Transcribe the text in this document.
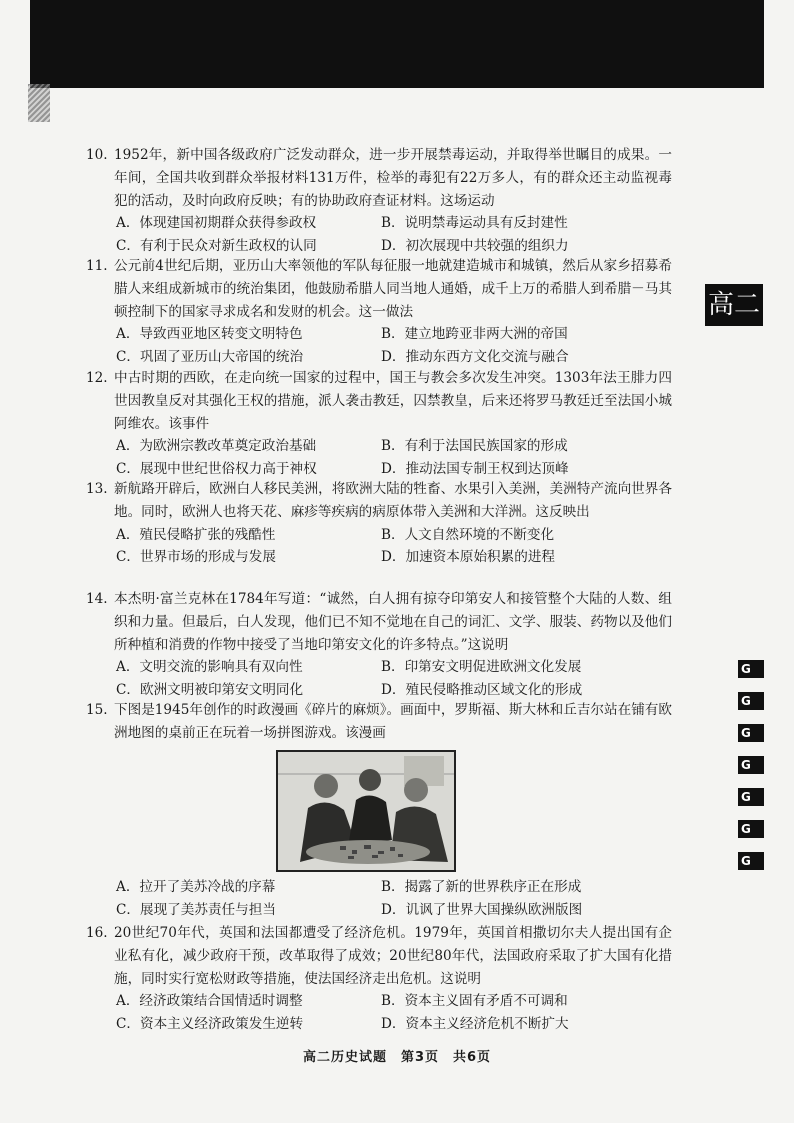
高二
G
G
G
G
G
G
G
10. 1952年，新中国各级政府广泛发动群众，进一步开展禁毒运动，并取得举世瞩目的成果。一年间，全国共收到群众举报材料131万件，检举的毒犯有22万多人，有的群众还主动监视毒犯的活动，及时向政府反映；有的协助政府查证材料。这场运动

A．体现建国初期群众获得参政权	B．说明禁毒运动具有反封建性
C．有利于民众对新生政权的认同	D．初次展现中共较强的组织力
11. 公元前4世纪后期，亚历山大率领他的军队每征服一地就建造城市和城镇，然后从家乡招募希腊人来组成新城市的统治集团，他鼓励希腊人同当地人通婚，成千上万的希腊人到希腊－马其顿控制下的国家寻求成名和发财的机会。这一做法

A．导致西亚地区转变文明特色	B．建立地跨亚非两大洲的帝国
C．巩固了亚历山大帝国的统治	D．推动东西方文化交流与融合
12. 中古时期的西欧，在走向统一国家的过程中，国王与教会多次发生冲突。1303年法王腓力四世因教皇反对其强化王权的措施，派人袭击教廷，囚禁教皇，后来还将罗马教廷迁至法国小城阿维农。该事件

A．为欧洲宗教改革奠定政治基础	B．有利于法国民族国家的形成
C．展现中世纪世俗权力高于神权	D．推动法国专制王权到达顶峰
13. 新航路开辟后，欧洲白人移民美洲，将欧洲大陆的牲畜、水果引入美洲，美洲特产流向世界各地。同时，欧洲人也将天花、麻疹等疾病的病原体带入美洲和大洋洲。这反映出

A．殖民侵略扩张的残酷性	B．人文自然环境的不断变化
C．世界市场的形成与发展	D．加速资本原始积累的进程
14. 本杰明·富兰克林在1784年写道：“诚然，白人拥有掠夺印第安人和接管整个大陆的人数、组织和力量。但最后，白人发现，他们已不知不觉地在自己的词汇、文学、服装、药物以及他们所种植和消费的作物中接受了当地印第安文化的许多特点。”这说明

A．文明交流的影响具有双向性	B．印第安文明促进欧洲文化发展
C．欧洲文明被印第安文明同化	D．殖民侵略推动区域文化的形成
15. 下图是1945年创作的时政漫画《碎片的麻烦》。画面中，罗斯福、斯大林和丘吉尔站在铺有欧洲地图的桌前正在玩着一场拼图游戏。该漫画

A．拉开了美苏冷战的序幕	B．揭露了新的世界秩序正在形成
C．展现了美苏责任与担当	D．讥讽了世界大国操纵欧洲版图
16. 20世纪70年代，英国和法国都遭受了经济危机。1979年，英国首相撒切尔夫人提出国有企业私有化，减少政府干预，改革取得了成效；20世纪80年代，法国政府采取了扩大国有化措施，同时实行宽松财政等措施，使法国经济走出危机。这说明

A．经济政策结合国情适时调整	B．资本主义固有矛盾不可调和
C．资本主义经济政策发生逆转	D．资本主义经济危机不断扩大
高二历史试题　第3页　共6页
